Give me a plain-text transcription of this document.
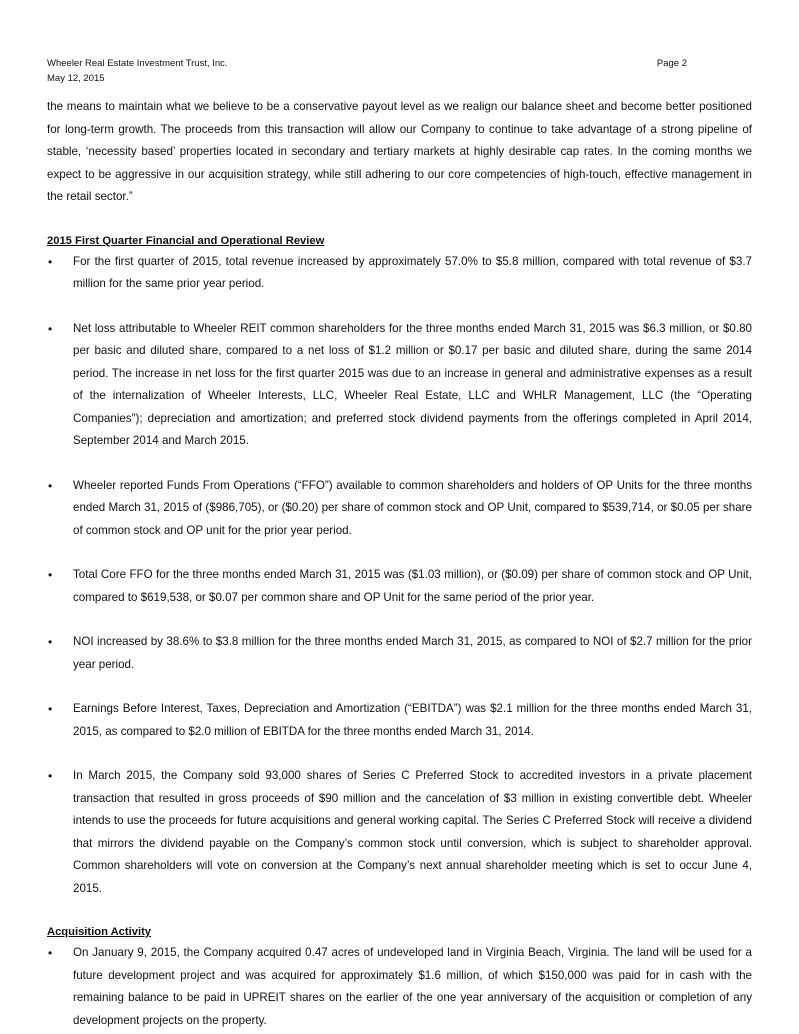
Wheeler Real Estate Investment Trust, Inc.	Page 2
May 12, 2015

the means to maintain what we believe to be a conservative payout level as we realign our balance sheet and become better positioned for long-term growth. The proceeds from this transaction will allow our Company to continue to take advantage of a strong pipeline of stable, ‘necessity based’ properties located in secondary and tertiary markets at highly desirable cap rates. In the coming months we expect to be aggressive in our acquisition strategy, while still adhering to our core competencies of high-touch, effective management in the retail sector.”

2015 First Quarter Financial and Operational Review
• For the first quarter of 2015, total revenue increased by approximately 57.0% to $5.8 million, compared with total revenue of $3.7 million for the same prior year period.
• Net loss attributable to Wheeler REIT common shareholders for the three months ended March 31, 2015 was $6.3 million, or $0.80 per basic and diluted share, compared to a net loss of $1.2 million or $0.17 per basic and diluted share, during the same 2014 period. The increase in net loss for the first quarter 2015 was due to an increase in general and administrative expenses as a result of the internalization of Wheeler Interests, LLC, Wheeler Real Estate, LLC and WHLR Management, LLC (the “Operating Companies”); depreciation and amortization; and preferred stock dividend payments from the offerings completed in April 2014, September 2014 and March 2015.
• Wheeler reported Funds From Operations (“FFO”) available to common shareholders and holders of OP Units for the three months ended March 31, 2015 of ($986,705), or ($0.20) per share of common stock and OP Unit, compared to $539,714, or $0.05 per share of common stock and OP unit for the prior year period.
• Total Core FFO for the three months ended March 31, 2015 was ($1.03 million), or ($0.09) per share of common stock and OP Unit, compared to $619,538, or $0.07 per common share and OP Unit for the same period of the prior year.
• NOI increased by 38.6% to $3.8 million for the three months ended March 31, 2015, as compared to NOI of $2.7 million for the prior year period.
• Earnings Before Interest, Taxes, Depreciation and Amortization (“EBITDA”) was $2.1 million for the three months ended March 31, 2015, as compared to $2.0 million of EBITDA for the three months ended March 31, 2014.
• In March 2015, the Company sold 93,000 shares of Series C Preferred Stock to accredited investors in a private placement transaction that resulted in gross proceeds of $90 million and the cancelation of $3 million in existing convertible debt. Wheeler intends to use the proceeds for future acquisitions and general working capital. The Series C Preferred Stock will receive a dividend that mirrors the dividend payable on the Company’s common stock until conversion, which is subject to shareholder approval. Common shareholders will vote on conversion at the Company’s next annual shareholder meeting which is set to occur June 4, 2015.
Acquisition Activity
• On January 9, 2015, the Company acquired 0.47 acres of undeveloped land in Virginia Beach, Virginia. The land will be used for a future development project and was acquired for approximately $1.6 million, of which $150,000 was paid for in cash with the remaining balance to be paid in UPREIT shares on the earlier of the one year anniversary of the acquisition or completion of any development projects on the property.
